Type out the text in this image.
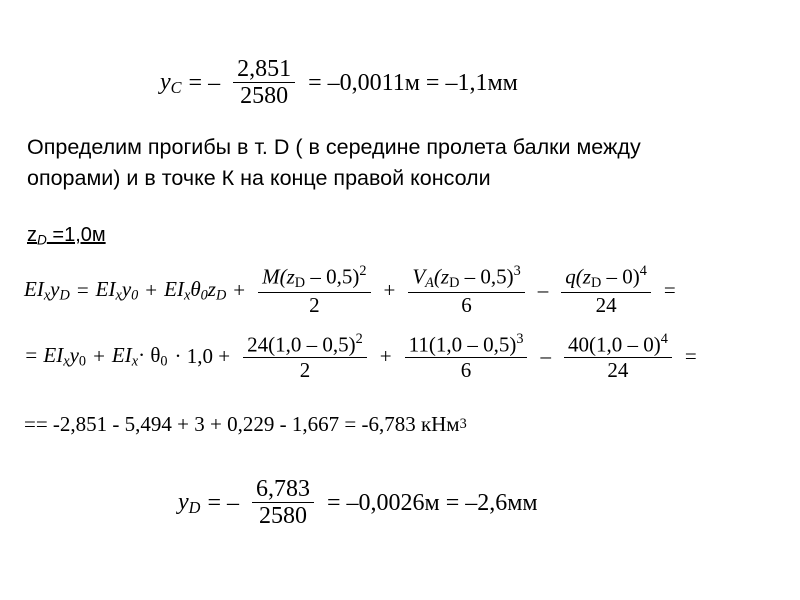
$y_C$ = – $\frac{2,851}{2580} = -0,0011м = -1,1мм$
Определим прогибы в т. D ( в середине пролета балки между
опорами) и в точке К на конце правой консоли
$z_D =1,0м$
$EI_xy_D = EI_xy_0 + EI_x\theta_0z_D + \frac{M(z_D - 0,5)^2}{2} + \frac{V_A(z_D - 0,5)^3}{6} - \frac{q(z_D - 0)^4}{24}$ =
= $EI_xy_0 + EI_x\cdot \theta_0 \cdot 1,0 + \frac{24(1,0 - 0,5)^2}{2} + \frac{11(1,0 - 0,5)^3}{6} - \frac{40(1,0 - 0)^4}{24}$ =
== -2,851 - 5,494 + 3 + 0,229 - 1,667 = -6,783 кНм 3
$y_D$ = – $\frac{6,783}{2580} = -0,0026м = -2,6мм$
